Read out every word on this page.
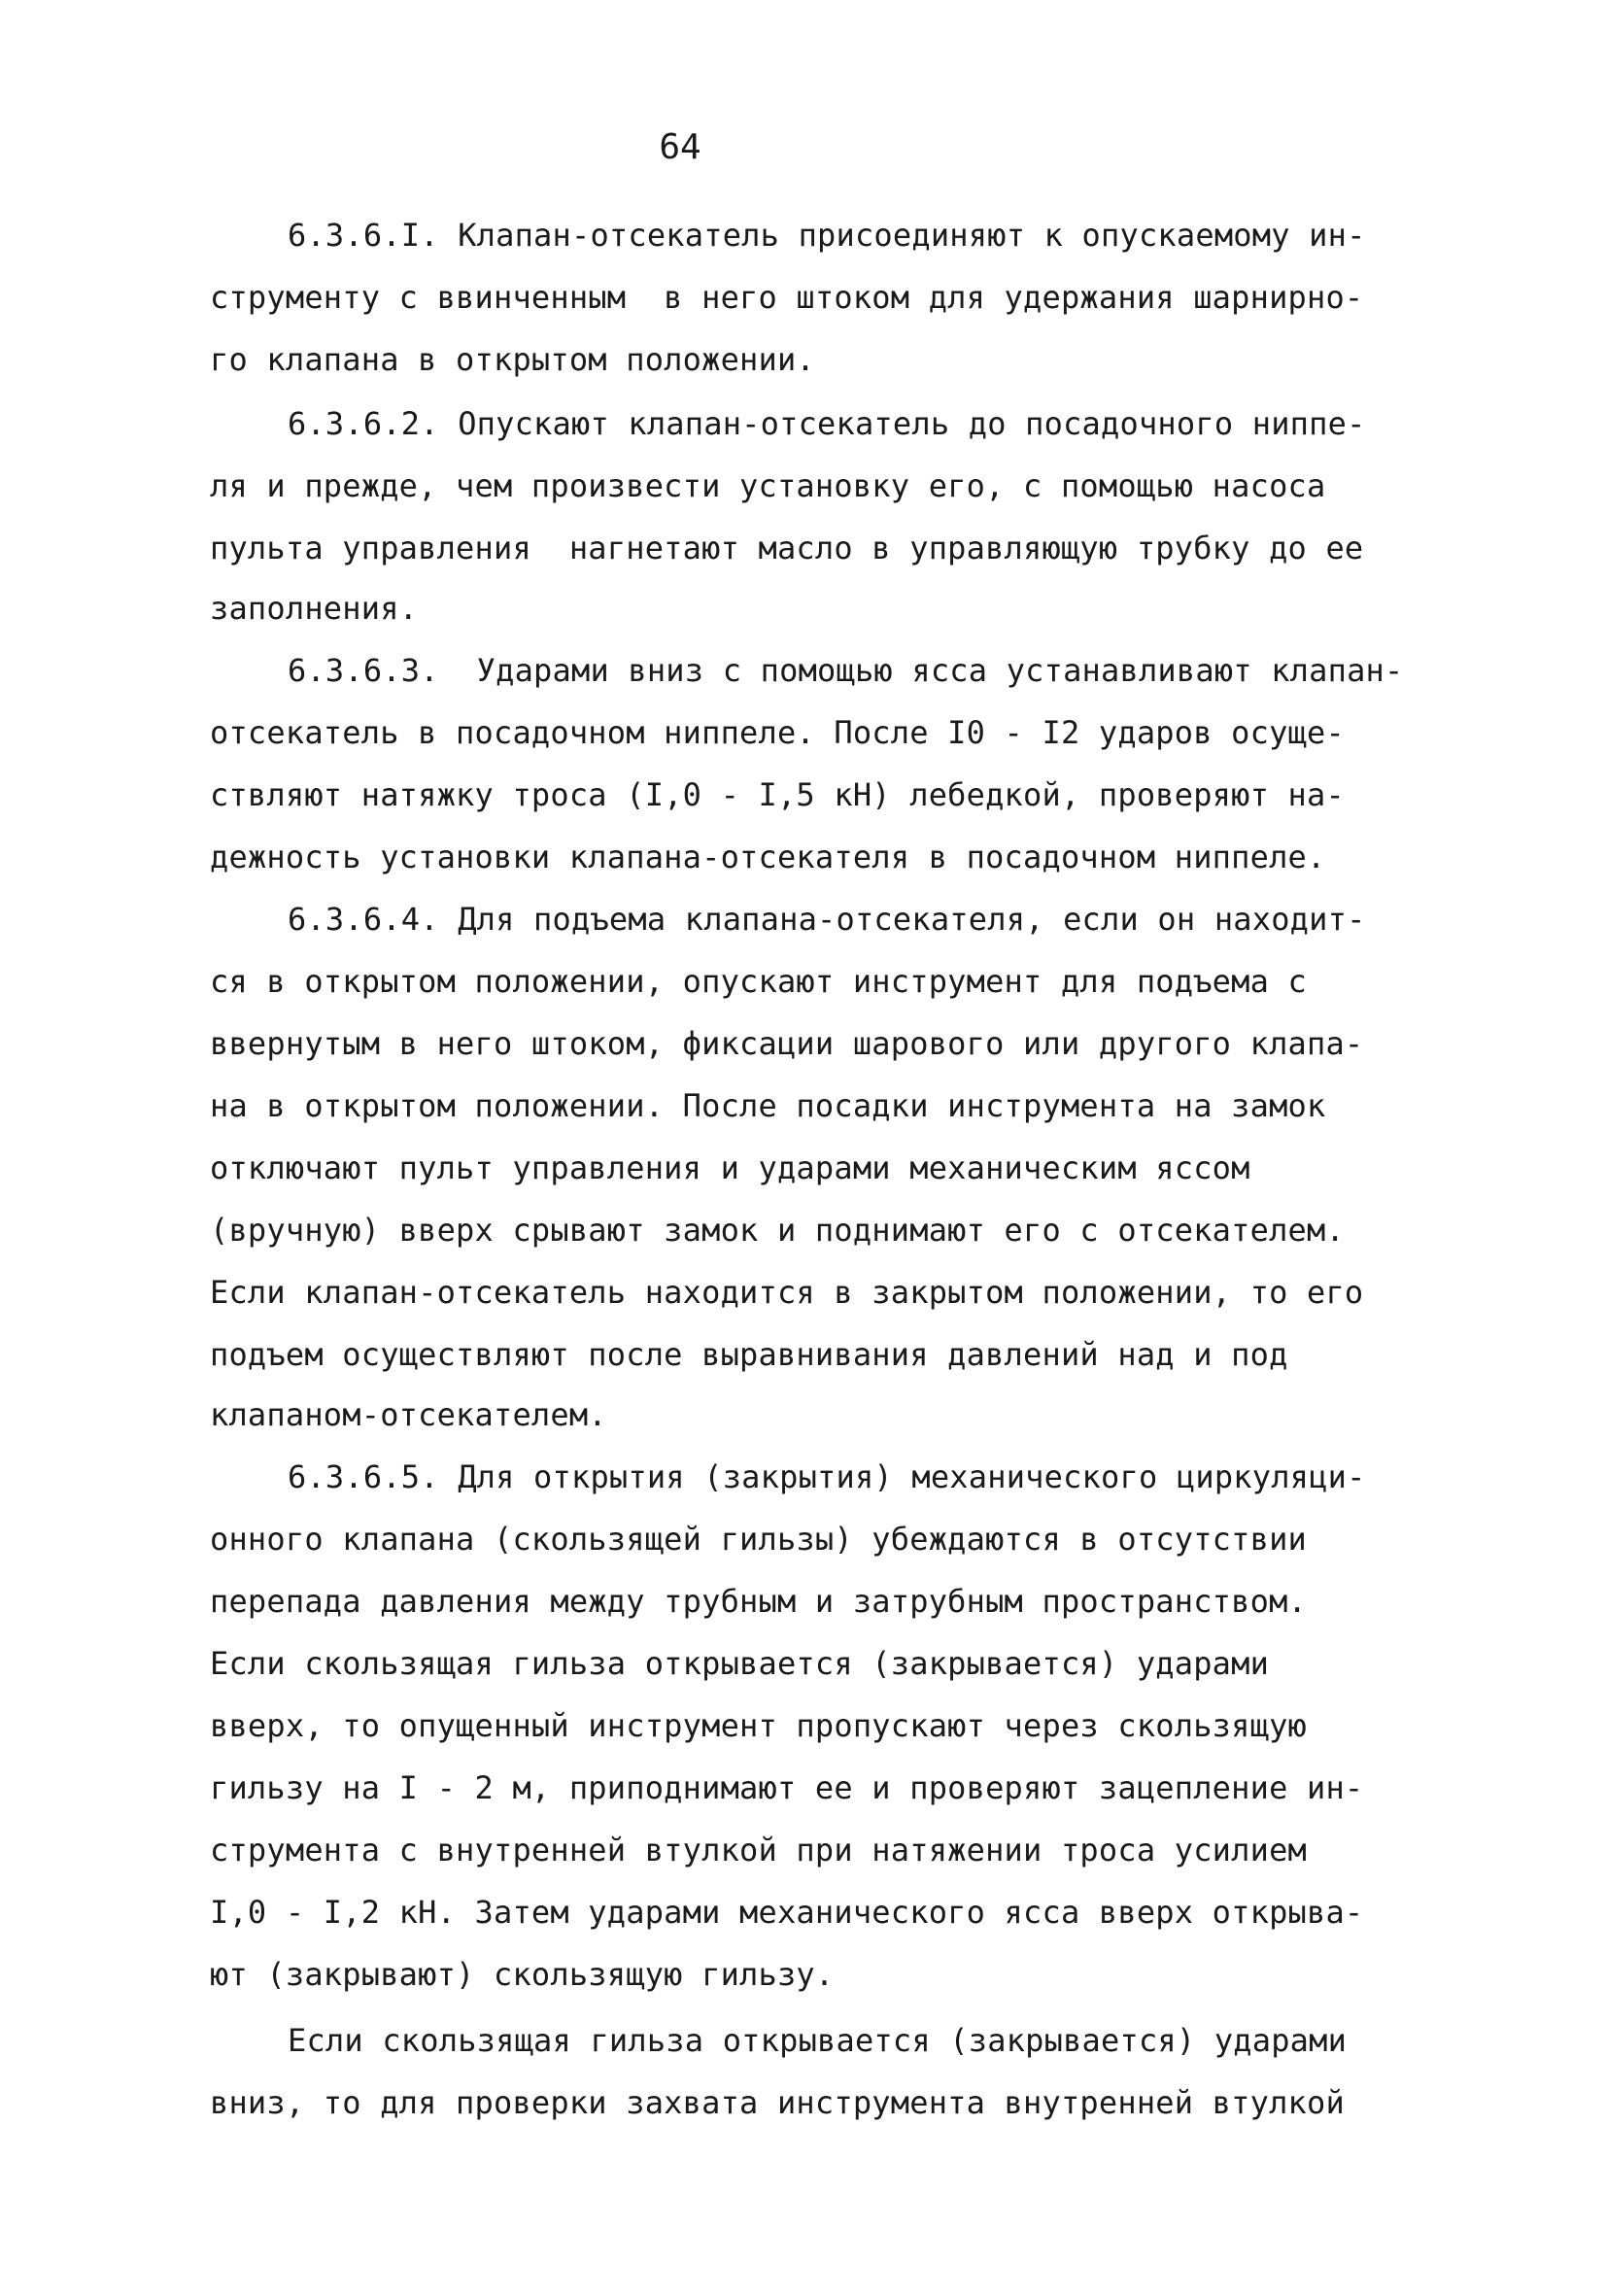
64
6.3.6.I. Клапан-отсекатель присоединяют к опускаемому ин-
струменту с ввинченным  в него штоком для удержания шарнирно-
го клапана в открытом положении.
6.3.6.2. Опускают клапан-отсекатель до посадочного ниппе-
ля и прежде, чем произвести установку его, с помощью насоса
пульта управления  нагнетают масло в управляющую трубку до ее
заполнения.
6.3.6.3.  Ударами вниз с помощью ясса устанавливают клапан-
отсекатель в посадочном ниппеле. После I0 - I2 ударов осуще-
ствляют натяжку троса (I,0 - I,5 кН) лебедкой, проверяют на-
дежность установки клапана-отсекателя в посадочном ниппеле.
6.3.6.4. Для подъема клапана-отсекателя, если он находит-
ся в открытом положении, опускают инструмент для подъема с
ввернутым в него штоком, фиксации шарового или другого клапа-
на в открытом положении. После посадки инструмента на замок
отключают пульт управления и ударами механическим яссом
(вручную) вверх срывают замок и поднимают его с отсекателем.
Если клапан-отсекатель находится в закрытом положении, то его
подъем осуществляют после выравнивания давлений над и под
клапаном-отсекателем.
6.3.6.5. Для открытия (закрытия) механического циркуляци-
онного клапана (скользящей гильзы) убеждаются в отсутствии
перепада давления между трубным и затрубным пространством.
Если скользящая гильза открывается (закрывается) ударами
вверх, то опущенный инструмент пропускают через скользящую
гильзу на I - 2 м, приподнимают ее и проверяют зацепление ин-
струмента с внутренней втулкой при натяжении троса усилием
I,0 - I,2 кН. Затем ударами механического ясса вверх открыва-
ют (закрывают) скользящую гильзу.
Если скользящая гильза открывается (закрывается) ударами
вниз, то для проверки захвата инструмента внутренней втулкой
